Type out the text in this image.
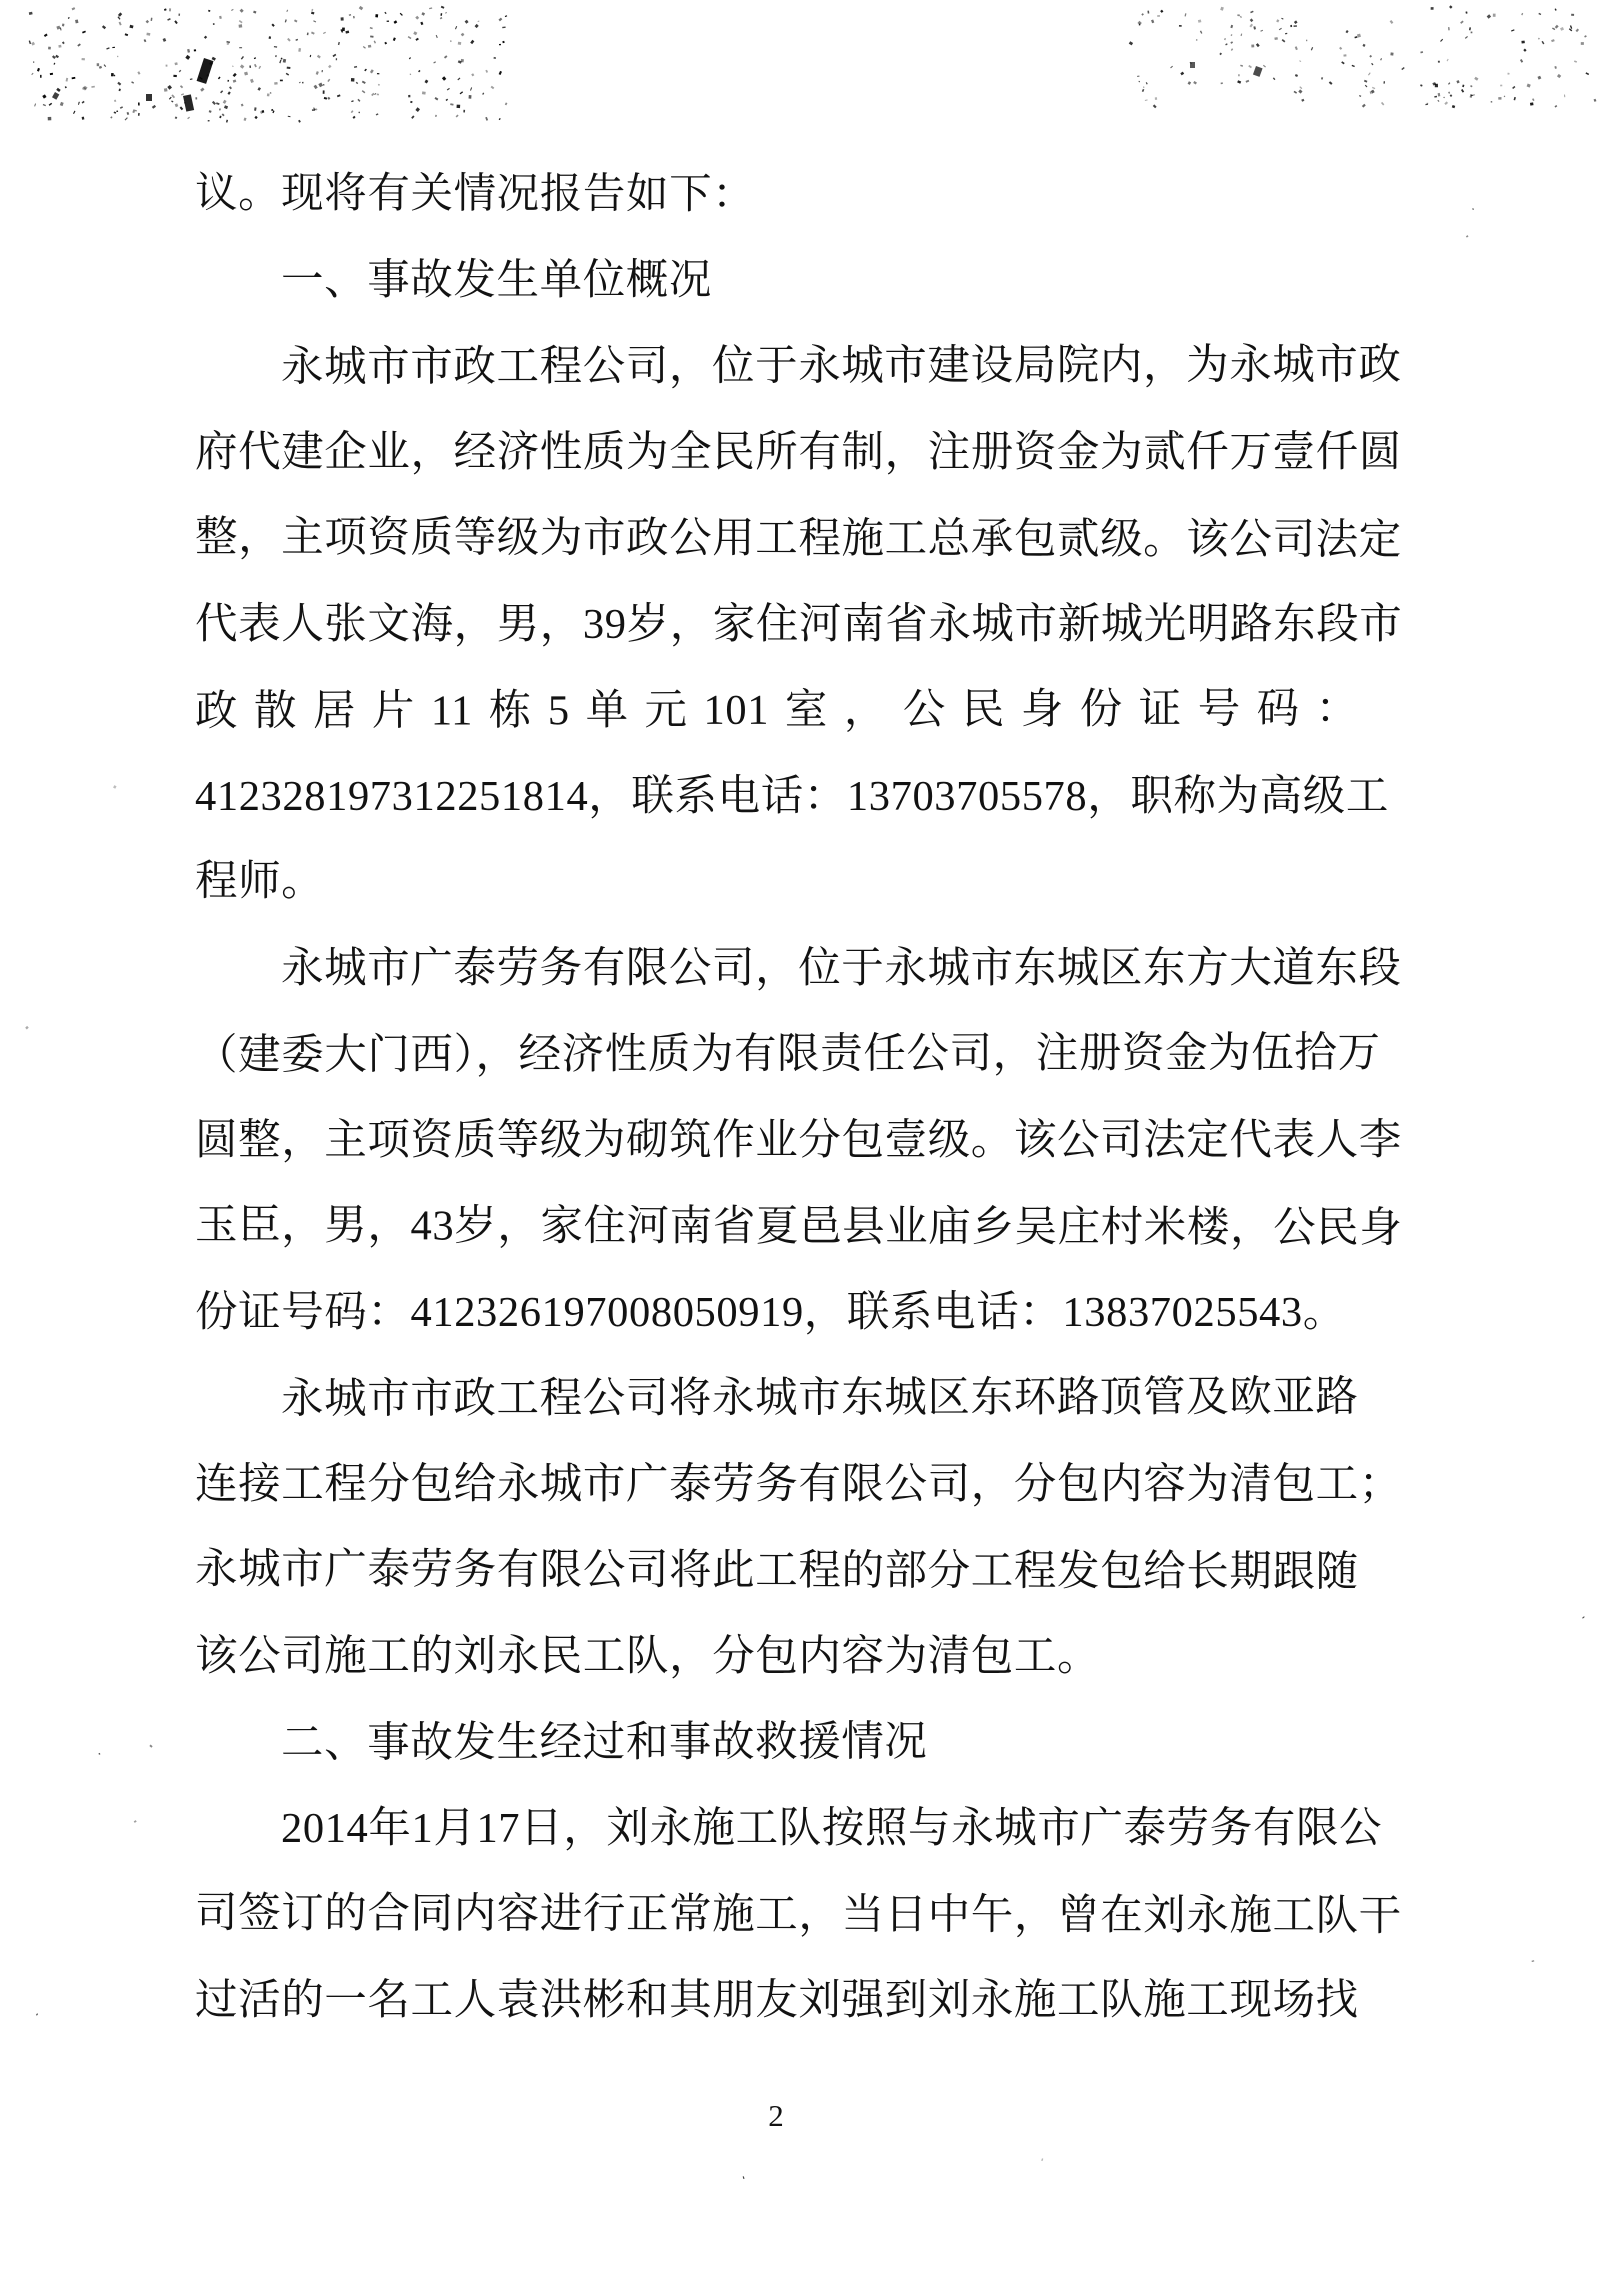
议。现将有关情况报告如下：
一、事故发生单位概况
永城市市政工程公司，位于永城市建设局院内，为永城市政
府代建企业，经济性质为全民所有制，注册资金为贰仟万壹仟圆
整，主项资质等级为市政公用工程施工总承包贰级。该公司法定
代表人张文海，男，39岁，家住河南省永城市新城光明路东段市
政 散 居 片 11 栋 5 单 元 101 室 ， 公 民 身 份 证 号 码 ：
412328197312251814，联系电话：13703705578，职称为高级工
程师。
永城市广泰劳务有限公司，位于永城市东城区东方大道东段
（建委大门西），经济性质为有限责任公司，注册资金为伍拾万
圆整，主项资质等级为砌筑作业分包壹级。该公司法定代表人李
玉臣，男，43岁，家住河南省夏邑县业庙乡吴庄村米楼，公民身
份证号码：412326197008050919，联系电话：13837025543。
永城市市政工程公司将永城市东城区东环路顶管及欧亚路
连接工程分包给永城市广泰劳务有限公司，分包内容为清包工；
永城市广泰劳务有限公司将此工程的部分工程发包给长期跟随
该公司施工的刘永民工队，分包内容为清包工。
二、事故发生经过和事故救援情况
2014年1月17日，刘永施工队按照与永城市广泰劳务有限公
司签订的合同内容进行正常施工，当日中午，曾在刘永施工队干
过活的一名工人袁洪彬和其朋友刘强到刘永施工队施工现场找
2
